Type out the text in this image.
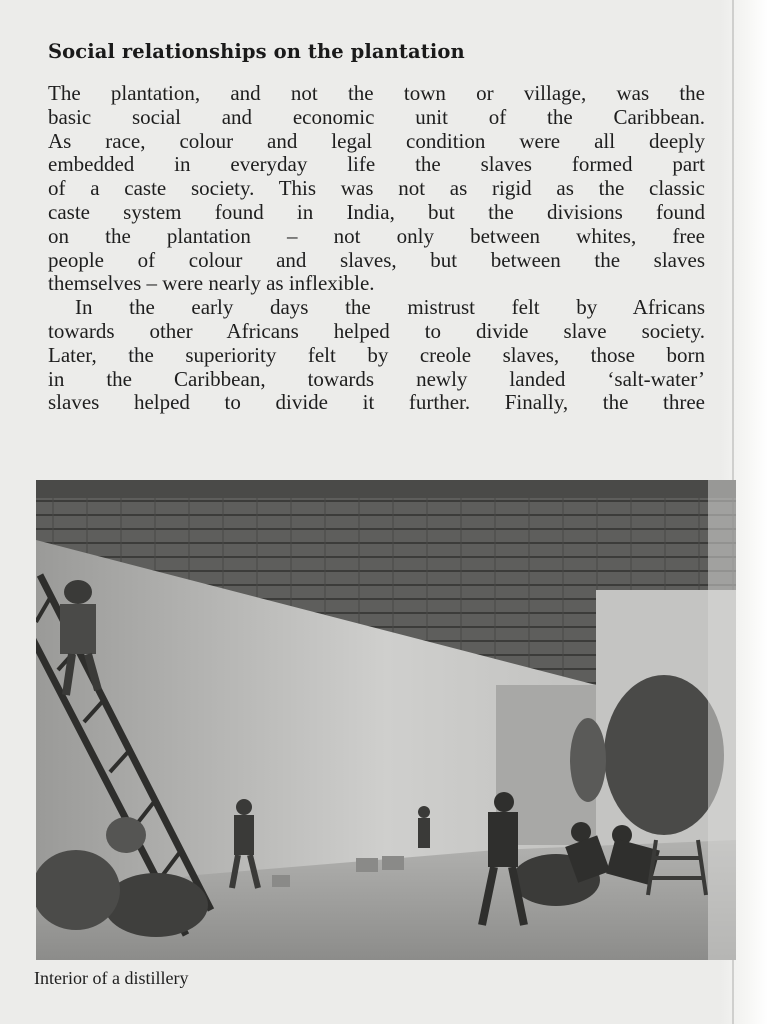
Social relationships on the plantation

The plantation, and not the town or village, was the

basic social and economic unit of the Caribbean.

As race, colour and legal condition were all deeply

embedded in everyday life the slaves formed part

of a caste society. This was not as rigid as the classic

caste system found in India, but the divisions found

on the plantation – not only between whites, free

people of colour and slaves, but between the slaves

themselves – were nearly as inflexible.

In the early days the mistrust felt by Africans

towards other Africans helped to divide slave society.

Later, the superiority felt by creole slaves, those born

in the Caribbean, towards newly landed ‘salt-water’

slaves helped to divide it further. Finally, the three

Interior of a distillery
